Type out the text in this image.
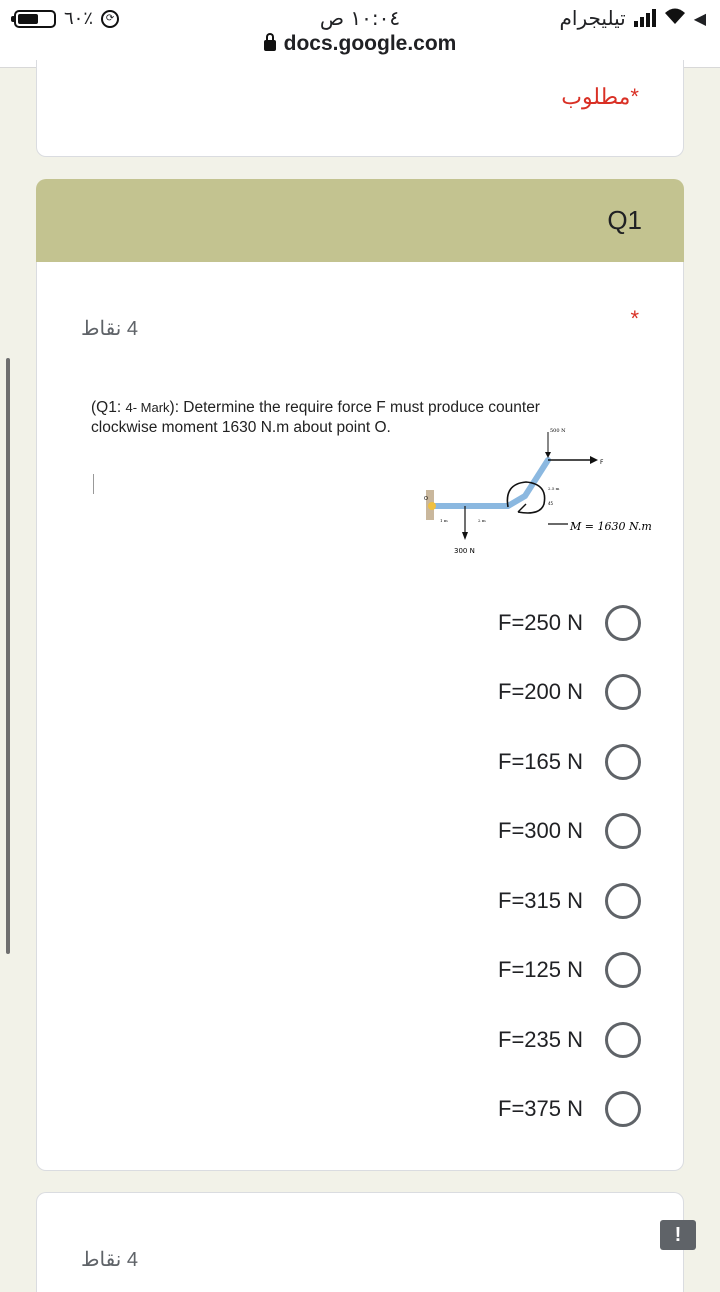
٦٠٪	⟳	١٠:٠٤ ص	تيليجرام	◀
docs.google.com
*مطلوب
Q1
4 نقاط	*
(Q1: 4- Mark): Determine the require force F must produce counter clockwise moment 1630 N.m about point O.
F
500 N
300 N
1 m	2 m
2.5 m
45
O
M = 1630 N.m
F=250 N
F=200 N
F=165 N
F=300 N
F=315 N
F=125 N
F=235 N
F=375 N
4 نقاط
!
